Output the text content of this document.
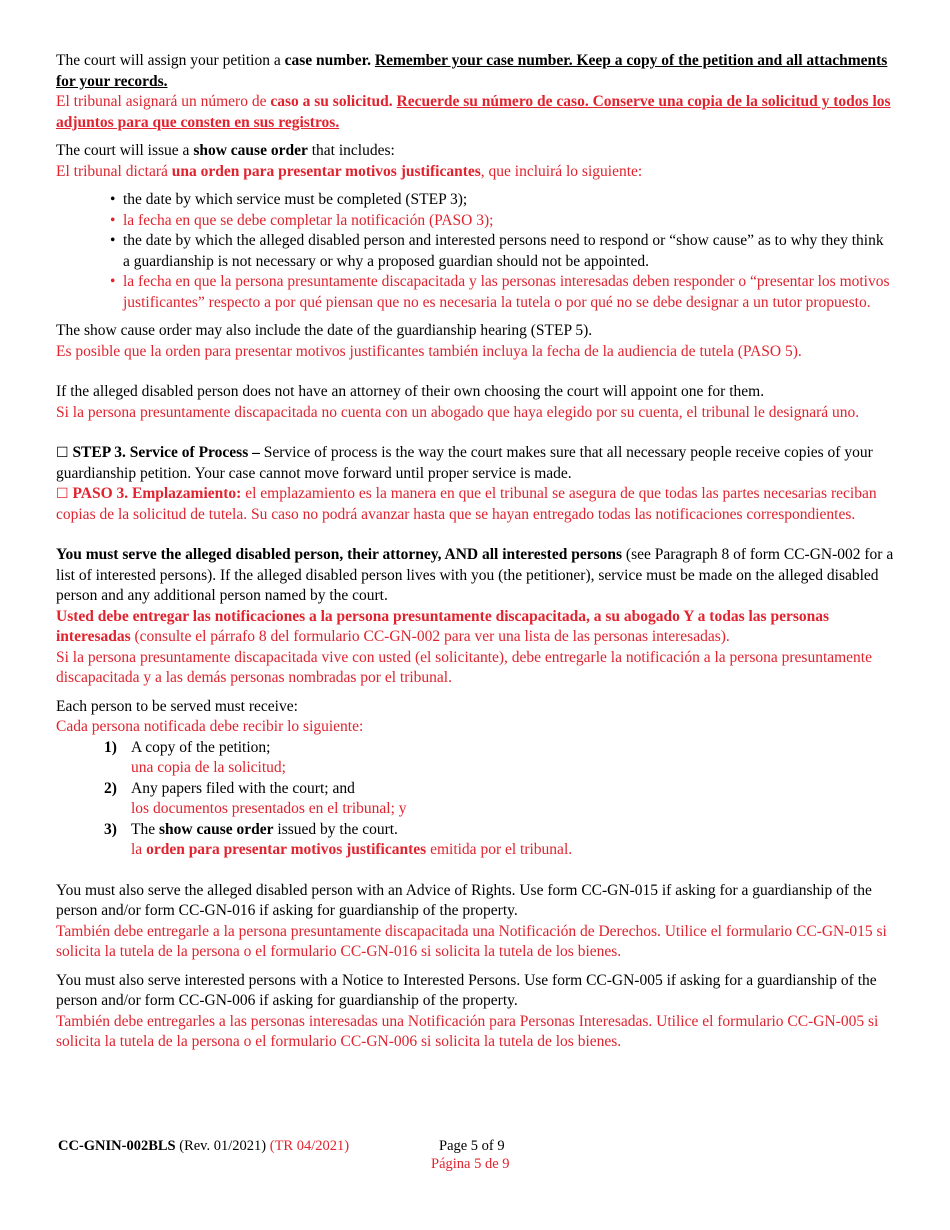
The court will assign your petition a case number. Remember your case number. Keep a copy of the petition and all attachments for your records.

El tribunal asignará un número de caso a su solicitud. Recuerde su número de caso. Conserve una copia de la solicitud y todos los adjuntos para que consten en sus registros.

The court will issue a show cause order that includes:

El tribunal dictará una orden para presentar motivos justificantes, que incluirá lo siguiente:

• the date by which service must be completed (STEP 3);
• la fecha en que se debe completar la notificación (PASO 3);
• the date by which the alleged disabled person and interested persons need to respond or “show cause” as to why they think a guardianship is not necessary or why a proposed guardian should not be appointed.
• la fecha en que la persona presuntamente discapacitada y las personas interesadas deben responder o “presentar los motivos justificantes” respecto a por qué piensan que no es necesaria la tutela o por qué no se debe designar a un tutor propuesto.

The show cause order may also include the date of the guardianship hearing (STEP 5).

Es posible que la orden para presentar motivos justificantes también incluya la fecha de la audiencia de tutela (PASO 5).

If the alleged disabled person does not have an attorney of their own choosing the court will appoint one for them.

Si la persona presuntamente discapacitada no cuenta con un abogado que haya elegido por su cuenta, el tribunal le designará uno.

☐ STEP 3. Service of Process – Service of process is the way the court makes sure that all necessary people receive copies of your guardianship petition. Your case cannot move forward until proper service is made.

☐ PASO 3. Emplazamiento: el emplazamiento es la manera en que el tribunal se asegura de que todas las partes necesarias reciban copias de la solicitud de tutela. Su caso no podrá avanzar hasta que se hayan entregado todas las notificaciones correspondientes.

You must serve the alleged disabled person, their attorney, AND all interested persons (see Paragraph 8 of form CC-GN-002 for a list of interested persons). If the alleged disabled person lives with you (the petitioner), service must be made on the alleged disabled person and any additional person named by the court.

Usted debe entregar las notificaciones a la persona presuntamente discapacitada, a su abogado Y a todas las personas interesadas (consulte el párrafo 8 del formulario CC-GN-002 para ver una lista de las personas interesadas).

Si la persona presuntamente discapacitada vive con usted (el solicitante), debe entregarle la notificación a la persona presuntamente discapacitada y a las demás personas nombradas por el tribunal.

Each person to be served must receive:

Cada persona notificada debe recibir lo siguiente:

1) A copy of the petition;
una copia de la solicitud;
2) Any papers filed with the court; and
los documentos presentados en el tribunal; y
3) The show cause order issued by the court.
la orden para presentar motivos justificantes emitida por el tribunal.

You must also serve the alleged disabled person with an Advice of Rights. Use form CC-GN-015 if asking for a guardianship of the person and/or form CC-GN-016 if asking for guardianship of the property.

También debe entregarle a la persona presuntamente discapacitada una Notificación de Derechos. Utilice el formulario CC-GN-015 si solicita la tutela de la persona o el formulario CC-GN-016 si solicita la tutela de los bienes.

You must also serve interested persons with a Notice to Interested Persons. Use form CC-GN-005 if asking for a guardianship of the person and/or form CC-GN-006 if asking for guardianship of the property.

También debe entregarles a las personas interesadas una Notificación para Personas Interesadas. Utilice el formulario CC-GN-005 si solicita la tutela de la persona o el formulario CC-GN-006 si solicita la tutela de los bienes.

CC-GNIN-002BLS (Rev. 01/2021) (TR 04/2021)	Page 5 of 9
Página 5 de 9
